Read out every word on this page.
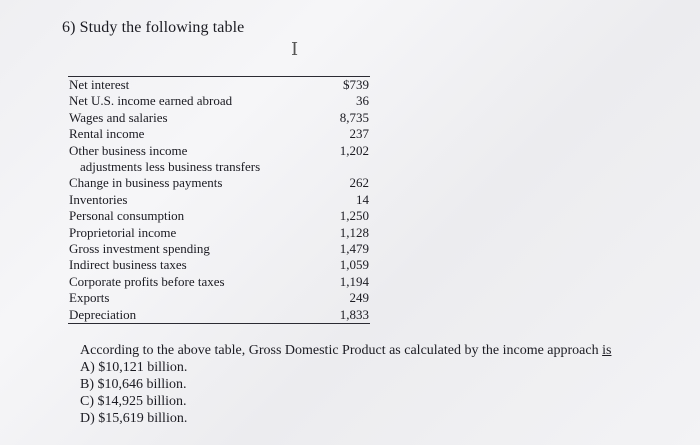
6) Study the following table
I
Net interest	$739
Net U.S. income earned abroad	36
Wages and salaries	8,735
Rental income	237
Other business income	1,202
adjustments less business transfers	
Change in business payments	262
Inventories	14
Personal consumption	1,250
Proprietorial income	1,128
Gross investment spending	1,479
Indirect business taxes	1,059
Corporate profits before taxes	1,194
Exports	249
Depreciation	1,833
According to the above table, Gross Domestic Product as calculated by the income approach is
A) $10,121 billion.
B) $10,646 billion.
C) $14,925 billion.
D) $15,619 billion.
